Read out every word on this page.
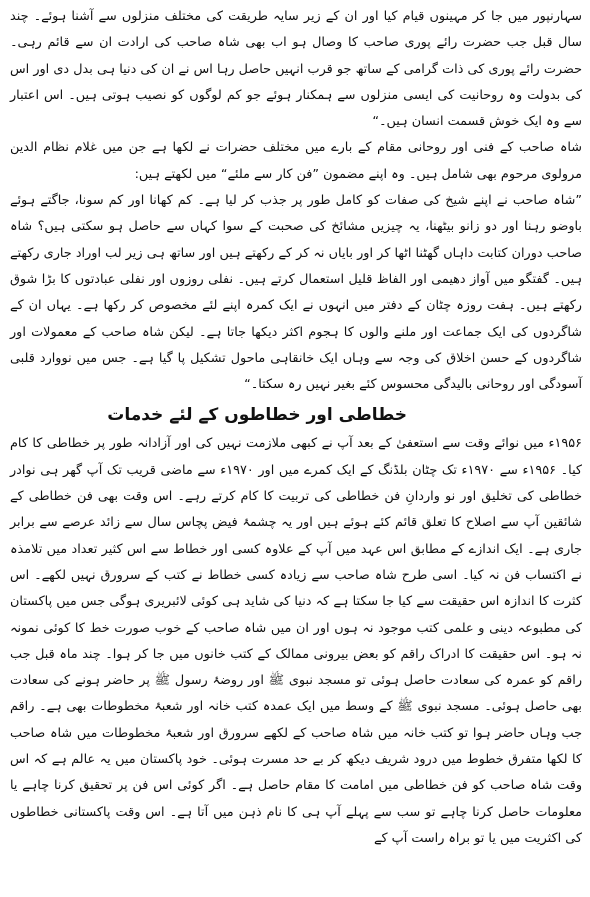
سہارنپور میں جا کر مہینوں قیام کیا اور ان کے زیر سایہ طریقت کی مختلف منزلوں سے آشنا ہوئے۔ چند سال قبل جب حضرت رائے پوری صاحب کا وصال ہو اب بھی شاہ صاحب کی ارادت ان سے قائم رہی۔ حضرت رائے پوری کی ذات گرامی کے ساتھ جو قرب انہیں حاصل رہا اس نے ان کی دنیا ہی بدل دی اور اس کی بدولت وہ روحانیت کی ایسی منزلوں سے ہمکنار ہوئے جو کم لوگوں کو نصیب ہوتی ہیں۔ اس اعتبار سے وہ ایک خوش قسمت انسان ہیں۔“

شاہ صاحب کے فنی اور روحانی مقام کے بارے میں مختلف حضرات نے لکھا ہے جن میں غلام نظام الدین مرولوی مرحوم بھی شامل ہیں۔ وہ اپنے مضمون ”فن کار سے ملئے“ میں لکھتے ہیں:

”شاہ صاحب نے اپنے شیخ کی صفات کو کامل طور پر جذب کر لیا ہے۔ کم کھانا اور کم سونا، جاگتے ہوئے باوضو رہنا اور دو زانو بیٹھنا، یہ چیزیں مشائخ کی صحبت کے سوا کہاں سے حاصل ہو سکتی ہیں؟ شاہ صاحب دوران کتابت داہاں گھٹنا اٹھا کر اور بایاں نہ کر کے رکھتے ہیں اور ساتھ ہی زیر لب اوراد جاری رکھتے ہیں۔ گفتگو میں آواز دھیمی اور الفاظ قلیل استعمال کرتے ہیں۔ نفلی روزوں اور نفلی عبادتوں کا بڑا شوق رکھتے ہیں۔ ہفت روزہ چٹان کے دفتر میں انہوں نے ایک کمرہ اپنے لئے مخصوص کر رکھا ہے۔ یہاں ان کے شاگردوں کی ایک جماعت اور ملنے والوں کا ہجوم اکثر دیکھا جاتا ہے۔ لیکن شاہ صاحب کے معمولات اور شاگردوں کے حسن اخلاق کی وجہ سے وہاں ایک خانقاہی ماحول تشکیل پا گیا ہے۔ جس میں نووارد قلبی آسودگی اور روحانی بالیدگی محسوس کئے بغیر نہیں رہ سکتا۔“

خطاطی اور خطاطوں کے لئے خدمات

۱۹۵۶ء میں نوائے وقت سے استعفیٰ کے بعد آپ نے کبھی ملازمت نہیں کی اور آزادانہ طور پر خطاطی کا کام کیا۔ ۱۹۵۶ء سے ۱۹۷۰ء تک چٹان بلڈنگ کے ایک کمرے میں اور ۱۹۷۰ء سے ماضی قریب تک آپ گھر ہی نوادر خطاطی کی تخلیق اور نو واردانِ فن خطاطی کی تربیت کا کام کرتے رہے۔ اس وقت بھی فن خطاطی کے شائقین آپ سے اصلاح کا تعلق قائم کئے ہوئے ہیں اور یہ چشمۂ فیض پچاس سال سے زائد عرصے سے برابر جاری ہے۔ ایک اندازے کے مطابق اس عہد میں آپ کے علاوہ کسی اور خطاط سے اس کثیر تعداد میں تلامذہ نے اکتساب فن نہ کیا۔ اسی طرح شاہ صاحب سے زیادہ کسی خطاط نے کتب کے سرورق نہیں لکھے۔ اس کثرت کا اندازہ اس حقیقت سے کیا جا سکتا ہے کہ دنیا کی شاید ہی کوئی لائبریری ہوگی جس میں پاکستان کی مطبوعہ دینی و علمی کتب موجود نہ ہوں اور ان میں شاہ صاحب کے خوب صورت خط کا کوئی نمونہ نہ ہو۔ اس حقیقت کا ادراک راقم کو بعض بیرونی ممالک کے کتب خانوں میں جا کر ہوا۔ چند ماہ قبل جب راقم کو عمرہ کی سعادت حاصل ہوئی تو مسجد نبوی ﷺ اور روضۂ رسول ﷺ پر حاضر ہونے کی سعادت بھی حاصل ہوئی۔ مسجد نبوی ﷺ کے وسط میں ایک عمدہ کتب خانہ اور شعبۂ مخطوطات بھی ہے۔ راقم جب وہاں حاضر ہوا تو کتب خانہ میں شاہ صاحب کے لکھے سرورق اور شعبۂ مخطوطات میں شاہ صاحب کا لکھا متفرق خطوط میں درود شریف دیکھ کر بے حد مسرت ہوئی۔ خود پاکستان میں یہ عالم ہے کہ اس وقت شاہ صاحب کو فن خطاطی میں امامت کا مقام حاصل ہے۔ اگر کوئی اس فن پر تحقیق کرنا چاہے یا معلومات حاصل کرنا چاہے تو سب سے پہلے آپ ہی کا نام ذہن میں آتا ہے۔ اس وقت پاکستانی خطاطوں کی اکثریت میں یا تو براہ راست آپ کے
